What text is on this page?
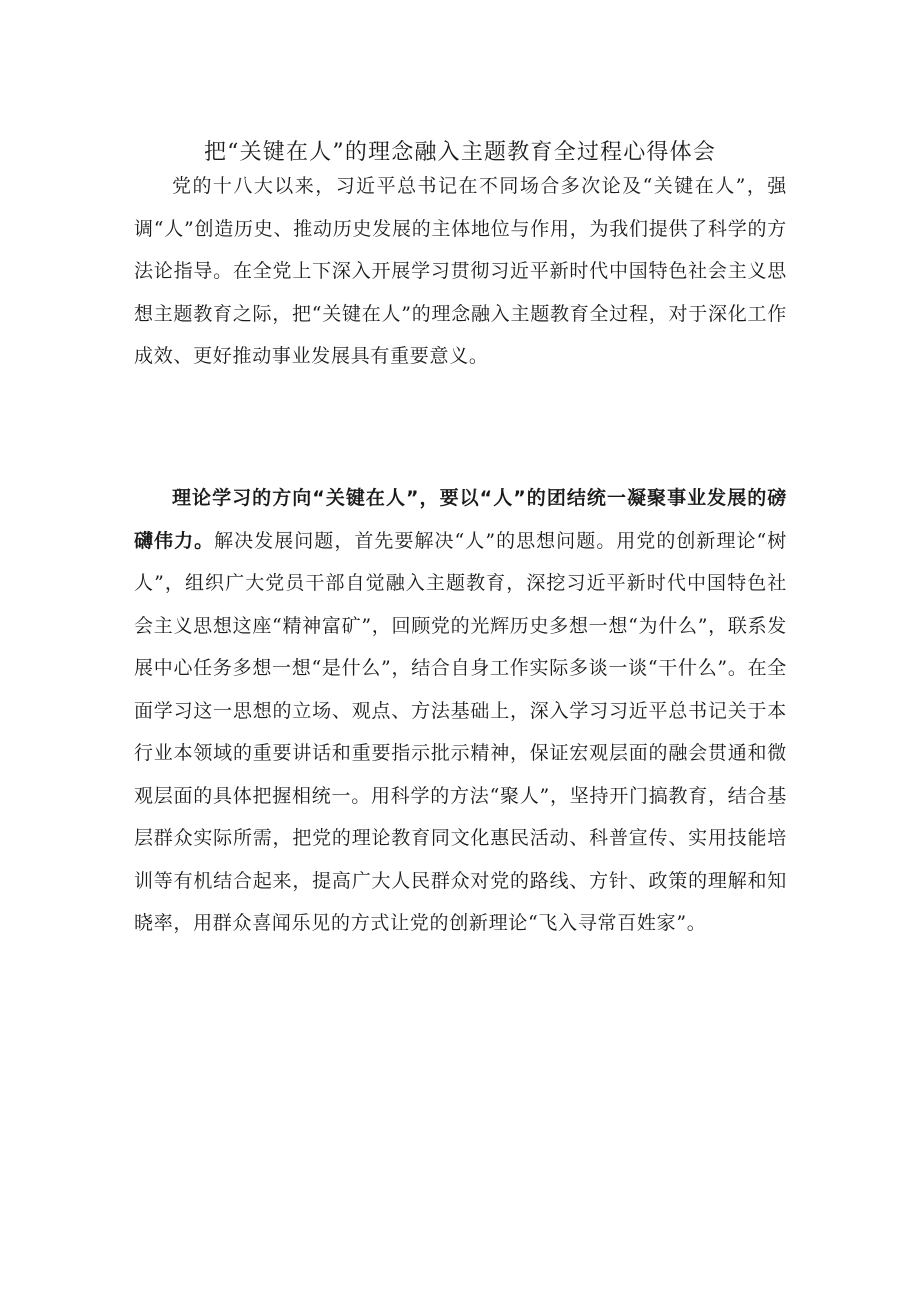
把“关键在人”的理念融入主题教育全过程心得体会

党的十八大以来，习近平总书记在不同场合多次论及“关键在人”，强调“人”创造历史、推动历史发展的主体地位与作用，为我们提供了科学的方法论指导。在全党上下深入开展学习贯彻习近平新时代中国特色社会主义思想主题教育之际，把“关键在人”的理念融入主题教育全过程，对于深化工作成效、更好推动事业发展具有重要意义。

理论学习的方向“关键在人”，要以“人”的团结统一凝聚事业发展的磅礴伟力。解决发展问题，首先要解决“人”的思想问题。用党的创新理论“树人”，组织广大党员干部自觉融入主题教育，深挖习近平新时代中国特色社会主义思想这座“精神富矿”，回顾党的光辉历史多想一想“为什么”，联系发展中心任务多想一想“是什么”，结合自身工作实际多谈一谈“干什么”。在全面学习这一思想的立场、观点、方法基础上，深入学习习近平总书记关于本行业本领域的重要讲话和重要指示批示精神，保证宏观层面的融会贯通和微观层面的具体把握相统一。用科学的方法“聚人”，坚持开门搞教育，结合基层群众实际所需，把党的理论教育同文化惠民活动、科普宣传、实用技能培训等有机结合起来，提高广大人民群众对党的路线、方针、政策的理解和知晓率，用群众喜闻乐见的方式让党的创新理论“飞入寻常百姓家”。
